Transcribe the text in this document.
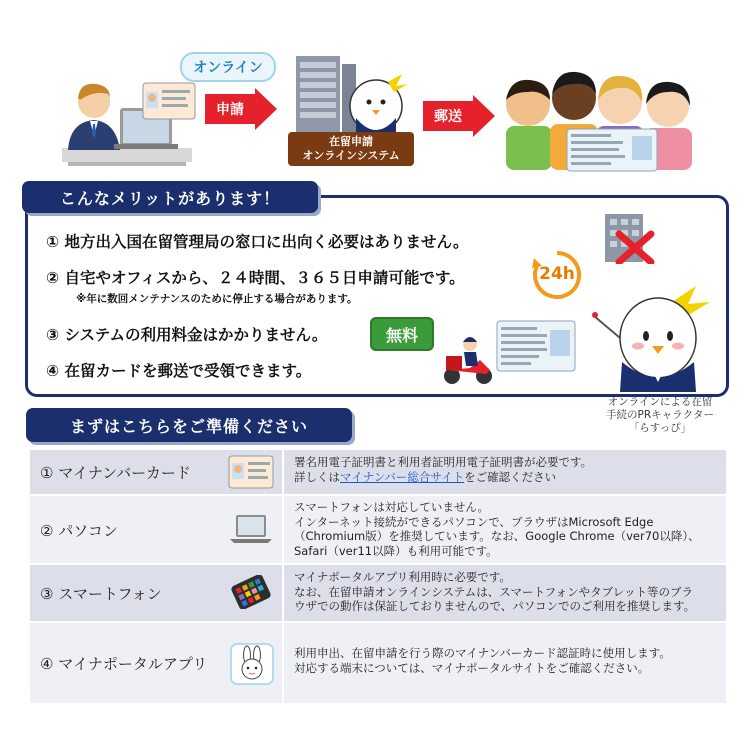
オンライン
申請
在留申請
オンラインシステム
郵送
こんなメリットがあります！
① 地方出入国在留管理局の窓口に出向く必要はありません。
② 自宅やオフィスから、２４時間、３６５日申請可能です。
※年に数回メンテナンスのために停止する場合があります。
③ システムの利用料金はかかりません。
④ 在留カードを郵送で受領できます。
24h
無料
オンラインによる在留
手続のPRキャラクター
「らすっぴ」
まずはこちらをご準備ください
① マイナンバーカード
署名用電子証明書と利用者証明用電子証明書が必要です。
詳しくはマイナンバー総合サイトをご確認ください
② パソコン
スマートフォンは対応していません。
インターネット接続ができるパソコンで、ブラウザはMicrosoft Edge
（Chromium版）を推奨しています。なお、Google Chrome（ver70以降）、
Safari（ver11以降）も利用可能です。
③ スマートフォン
マイナポータルアプリ利用時に必要です。
なお、在留申請オンラインシステムは、スマートフォンやタブレット等のブラ
ウザでの動作は保証しておりませんので、パソコンでのご利用を推奨します。
④ マイナポータルアプリ
利用申出、在留申請を行う際のマイナンバーカード認証時に使用します。
対応する端末については、マイナポータルサイトをご確認ください。
